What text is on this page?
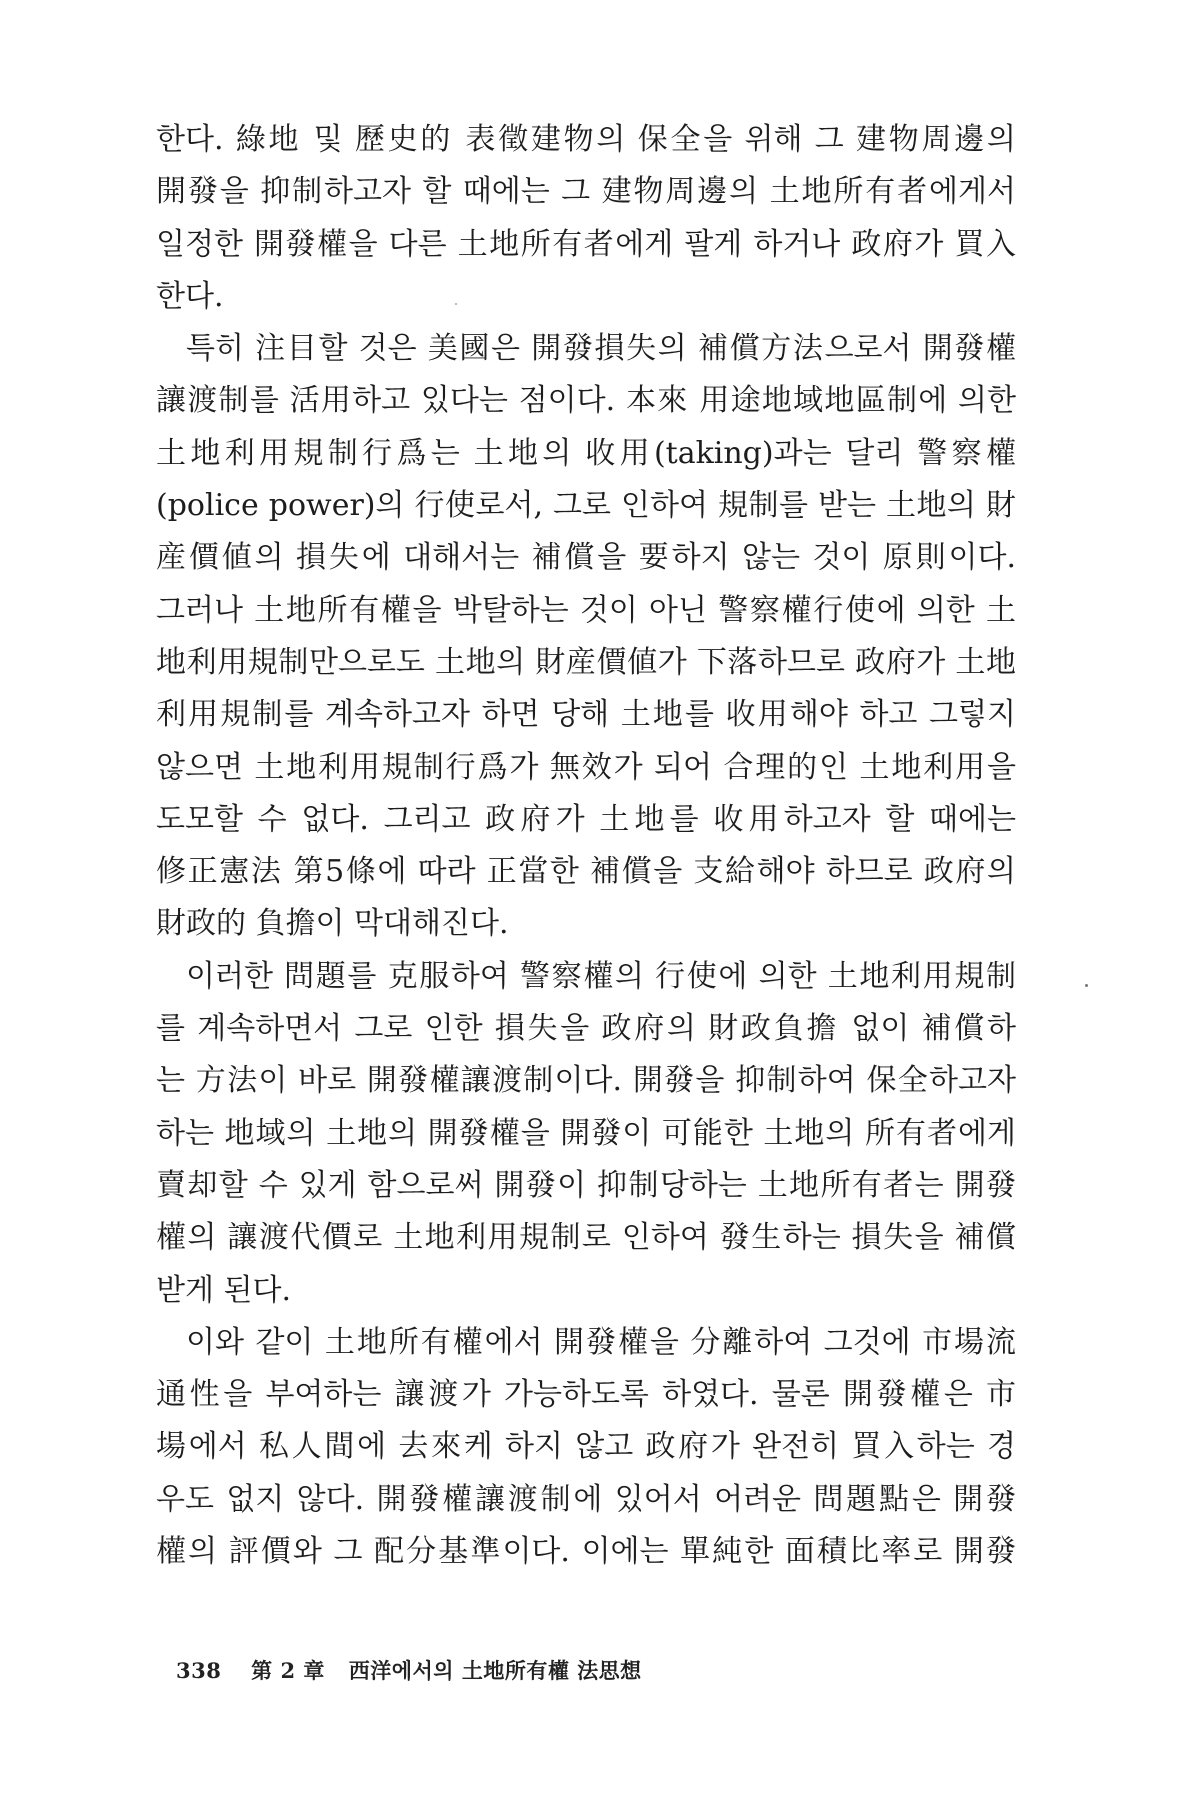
한다. 綠地 및 歷史的 表徵建物의 保全을 위해 그 建物周邊의
開發을 抑制하고자 할 때에는 그 建物周邊의 土地所有者에게서
일정한 開發權을 다른 土地所有者에게 팔게 하거나 政府가 買入
한다.
특히 注目할 것은 美國은 開發損失의 補償方法으로서 開發權
讓渡制를 活用하고 있다는 점이다. 本來 用途地域地區制에 의한
土地利用規制行爲는 土地의 收用(taking)과는 달리 警察權
(police power)의 行使로서, 그로 인하여 規制를 받는 土地의 財
産價値의 損失에 대해서는 補償을 要하지 않는 것이 原則이다.
그러나 土地所有權을 박탈하는 것이 아닌 警察權行使에 의한 土
地利用規制만으로도 土地의 財産價値가 下落하므로 政府가 土地
利用規制를 계속하고자 하면 당해 土地를 收用해야 하고 그렇지
않으면 土地利用規制行爲가 無效가 되어 合理的인 土地利用을
도모할 수 없다. 그리고 政府가 土地를 收用하고자 할 때에는
修正憲法 第5條에 따라 正當한 補償을 支給해야 하므로 政府의
財政的 負擔이 막대해진다.
이러한 問題를 克服하여 警察權의 行使에 의한 土地利用規制
를 계속하면서 그로 인한 損失을 政府의 財政負擔 없이 補償하
는 方法이 바로 開發權讓渡制이다. 開發을 抑制하여 保全하고자
하는 地域의 土地의 開發權을 開發이 可能한 土地의 所有者에게
賣却할 수 있게 함으로써 開發이 抑制당하는 土地所有者는 開發
權의 讓渡代價로 土地利用規制로 인하여 發生하는 損失을 補償
받게 된다.
이와 같이 土地所有權에서 開發權을 分離하여 그것에 市場流
通性을 부여하는 讓渡가 가능하도록 하였다. 물론 開發權은 市
場에서 私人間에 去來케 하지 않고 政府가 완전히 買入하는 경
우도 없지 않다. 開發權讓渡制에 있어서 어려운 問題點은 開發
權의 評價와 그 配分基準이다. 이에는 單純한 面積比率로 開發
338 第 2 章 西洋에서의 土地所有權 法思想
